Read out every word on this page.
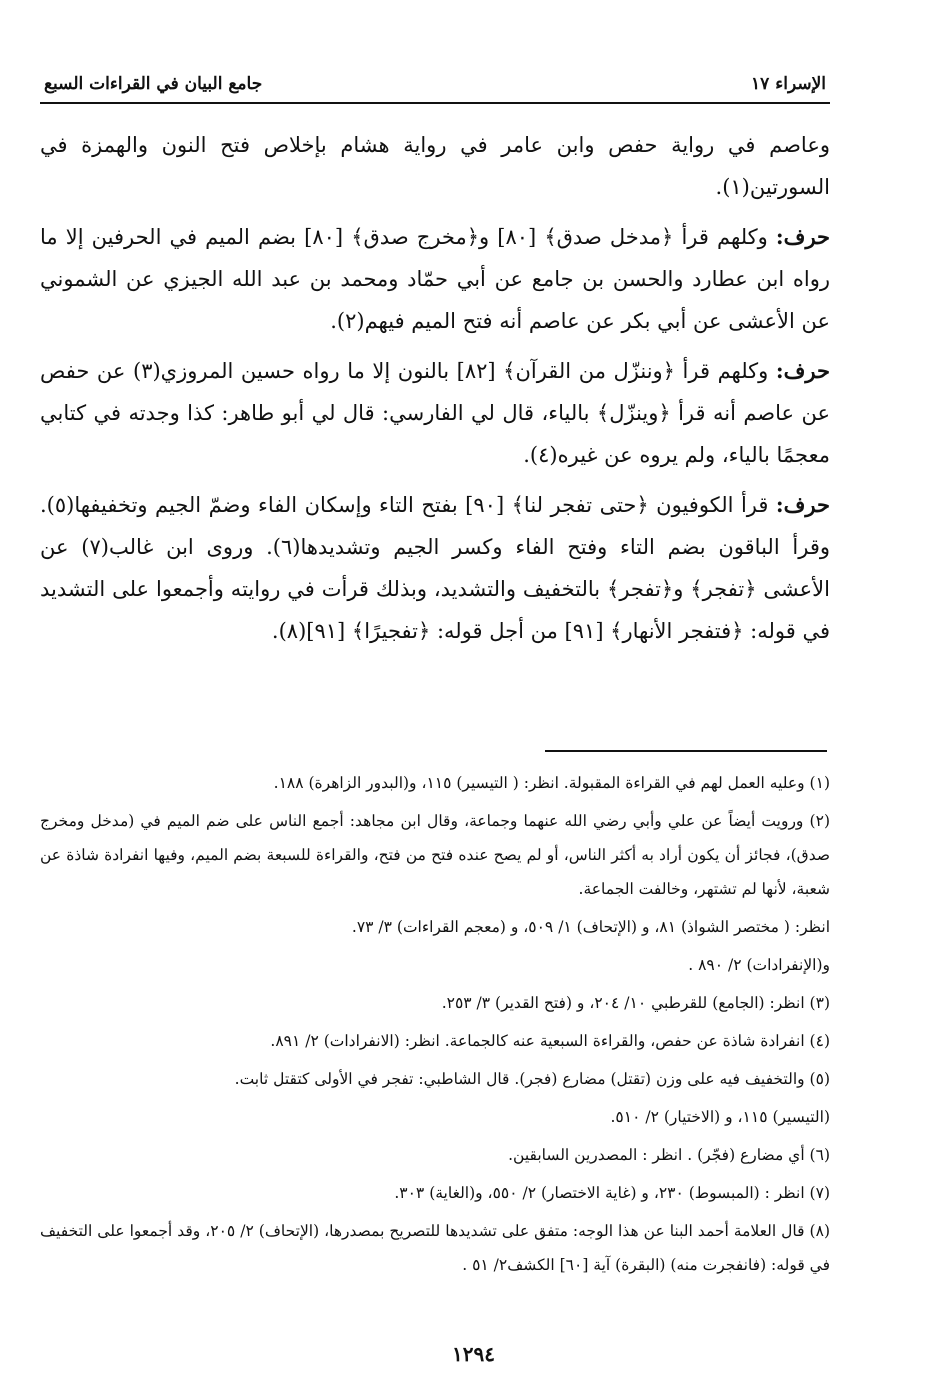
الإسراء ١٧
جامع البيان في القراءات السبع

وعاصم في رواية حفص وابن عامر في رواية هشام بإخلاص فتح النون والهمزة في السورتين(١).

حرف: وكلهم قرأ ﴿مدخل صدق﴾ [٨٠] و﴿مخرج صدق﴾ [٨٠] بضم الميم في الحرفين إلا ما رواه ابن عطارد والحسن بن جامع عن أبي حمّاد ومحمد بن عبد الله الجيزي عن الشموني عن الأعشى عن أبي بكر عن عاصم أنه فتح الميم فيهم(٢).

حرف: وكلهم قرأ ﴿وننزّل من القرآن﴾ [٨٢] بالنون إلا ما رواه حسين المروزي(٣) عن حفص عن عاصم أنه قرأ ﴿وينزّل﴾ بالياء، قال لي الفارسي: قال لي أبو طاهر: كذا وجدته في كتابي معجمًا بالياء، ولم يروه عن غيره(٤).

حرف: قرأ الكوفيون ﴿حتى تفجر لنا﴾ [٩٠] بفتح التاء وإسكان الفاء وضمّ الجيم وتخفيفها(٥). وقرأ الباقون بضم التاء وفتح الفاء وكسر الجيم وتشديدها(٦). وروى ابن غالب(٧) عن الأعشى ﴿تفجر﴾ و﴿تفجر﴾ بالتخفيف والتشديد، وبذلك قرأت في روايته وأجمعوا على التشديد في قوله: ﴿فتفجر الأنهار﴾ [٩١] من أجل قوله: ﴿تفجيرًا﴾ [٩١](٨).

(١) وعليه العمل لهم في القراءة المقبولة. انظر: ( التيسير) ١١٥، و(البدور الزاهرة) ١٨٨.
(٢) ورويت أيضاً عن علي وأبي رضي الله عنهما وجماعة، وقال ابن مجاهد: أجمع الناس على ضم الميم في (مدخل ومخرج صدق)، فجائز أن يكون أراد به أكثر الناس، أو لم يصح عنده فتح من فتح، والقراءة للسبعة بضم الميم، وفيها انفرادة شاذة عن شعبة، لأنها لم تشتهر، وخالفت الجماعة.
انظر: ( مختصر الشواذ) ٨١، و (الإتحاف) ١/ ٥٠٩، و (معجم القراءات) ٣/ ٧٣.
و(الإنفرادات) ٢/ ٨٩٠ .
(٣) انظر: (الجامع) للقرطبي ١٠/ ٢٠٤، و (فتح القدير) ٣/ ٢٥٣.
(٤) انفرادة شاذة عن حفص، والقراءة السبعية عنه كالجماعة. انظر: (الانفرادات) ٢/ ٨٩١.
(٥) والتخفيف فيه على وزن (تقتل) مضارع (فجر). قال الشاطبي: تفجر في الأولى كتقتل ثابت.
(التيسير) ١١٥، و (الاختيار) ٢/ ٥١٠.
(٦) أي مضارع (فجّر) . انظر : المصدرين السابقين.
(٧) انظر : (المبسوط) ٢٣٠، و (غاية الاختصار) ٢/ ٥٥٠، و(الغاية) ٣٠٣.
(٨) قال العلامة أحمد البنا عن هذا الوجه: متفق على تشديدها للتصريح بمصدرها، (الإتحاف) ٢/ ٢٠٥، وقد أجمعوا على التخفيف في قوله: (فانفجرت منه) (البقرة) آية [٦٠] الكشف٢/ ٥١ .
١٢٩٤
